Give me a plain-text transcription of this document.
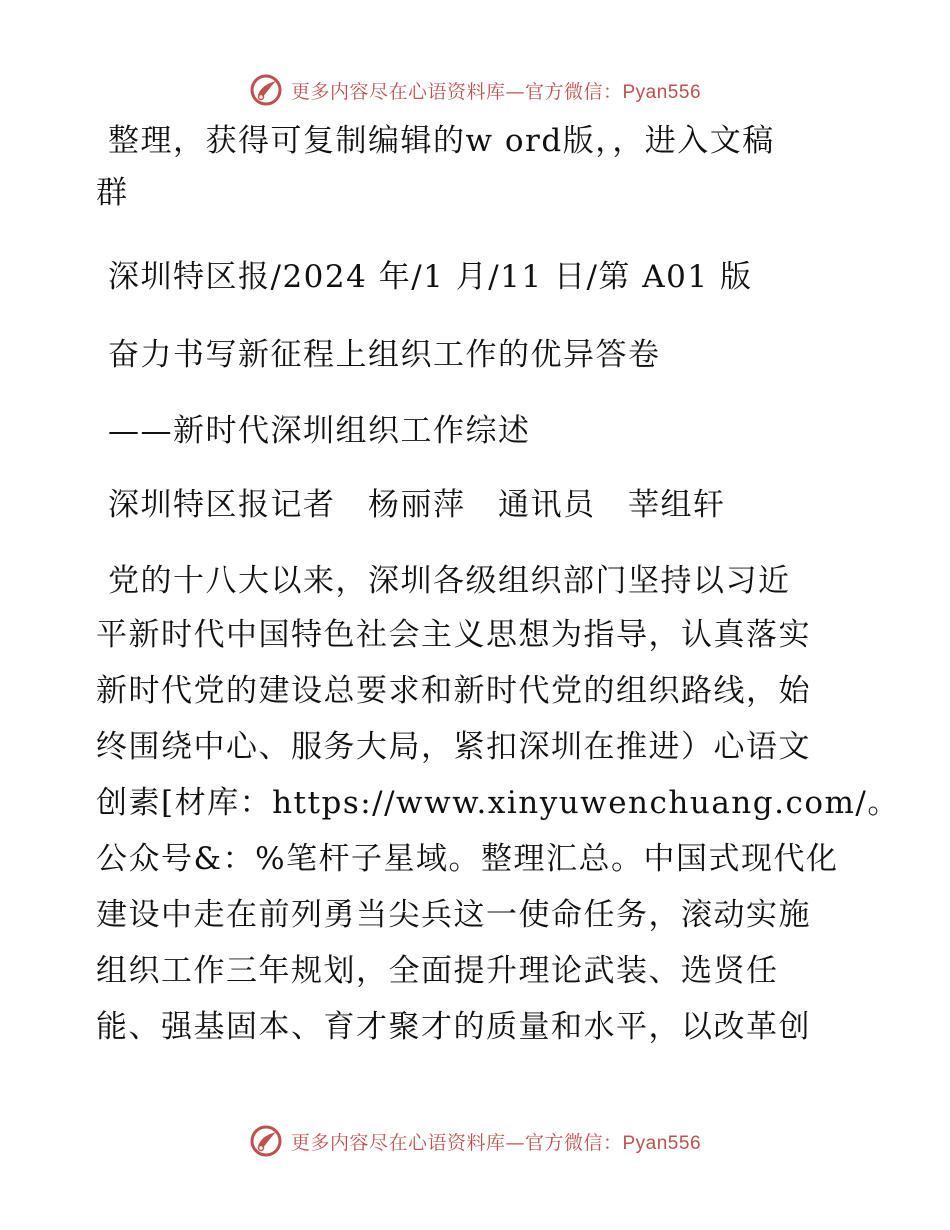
更多内容尽在心语资料库—官方微信：Pyan556
整理，获得可复制编辑的w ord版，，进入文稿
群
深圳特区报/2024 年/1 月/11 日/第 A01 版
奋力书写新征程上组织工作的优异答卷
——新时代深圳组织工作综述
深圳特区报记者　杨丽萍　通讯员　莘组轩
党的十八大以来，深圳各级组织部门坚持以习近
平新时代中国特色社会主义思想为指导，认真落实
新时代党的建设总要求和新时代党的组织路线，始
终围绕中心、服务大局，紧扣深圳在推进）心语文
创素[材库：https://www.xinyuwenchuang.com/。
公众号&：%笔杆子星域。整理汇总。中国式现代化
建设中走在前列勇当尖兵这一使命任务，滚动实施
组织工作三年规划，全面提升理论武装、选贤任
能、强基固本、育才聚才的质量和水平，以改革创
更多内容尽在心语资料库—官方微信：Pyan556
